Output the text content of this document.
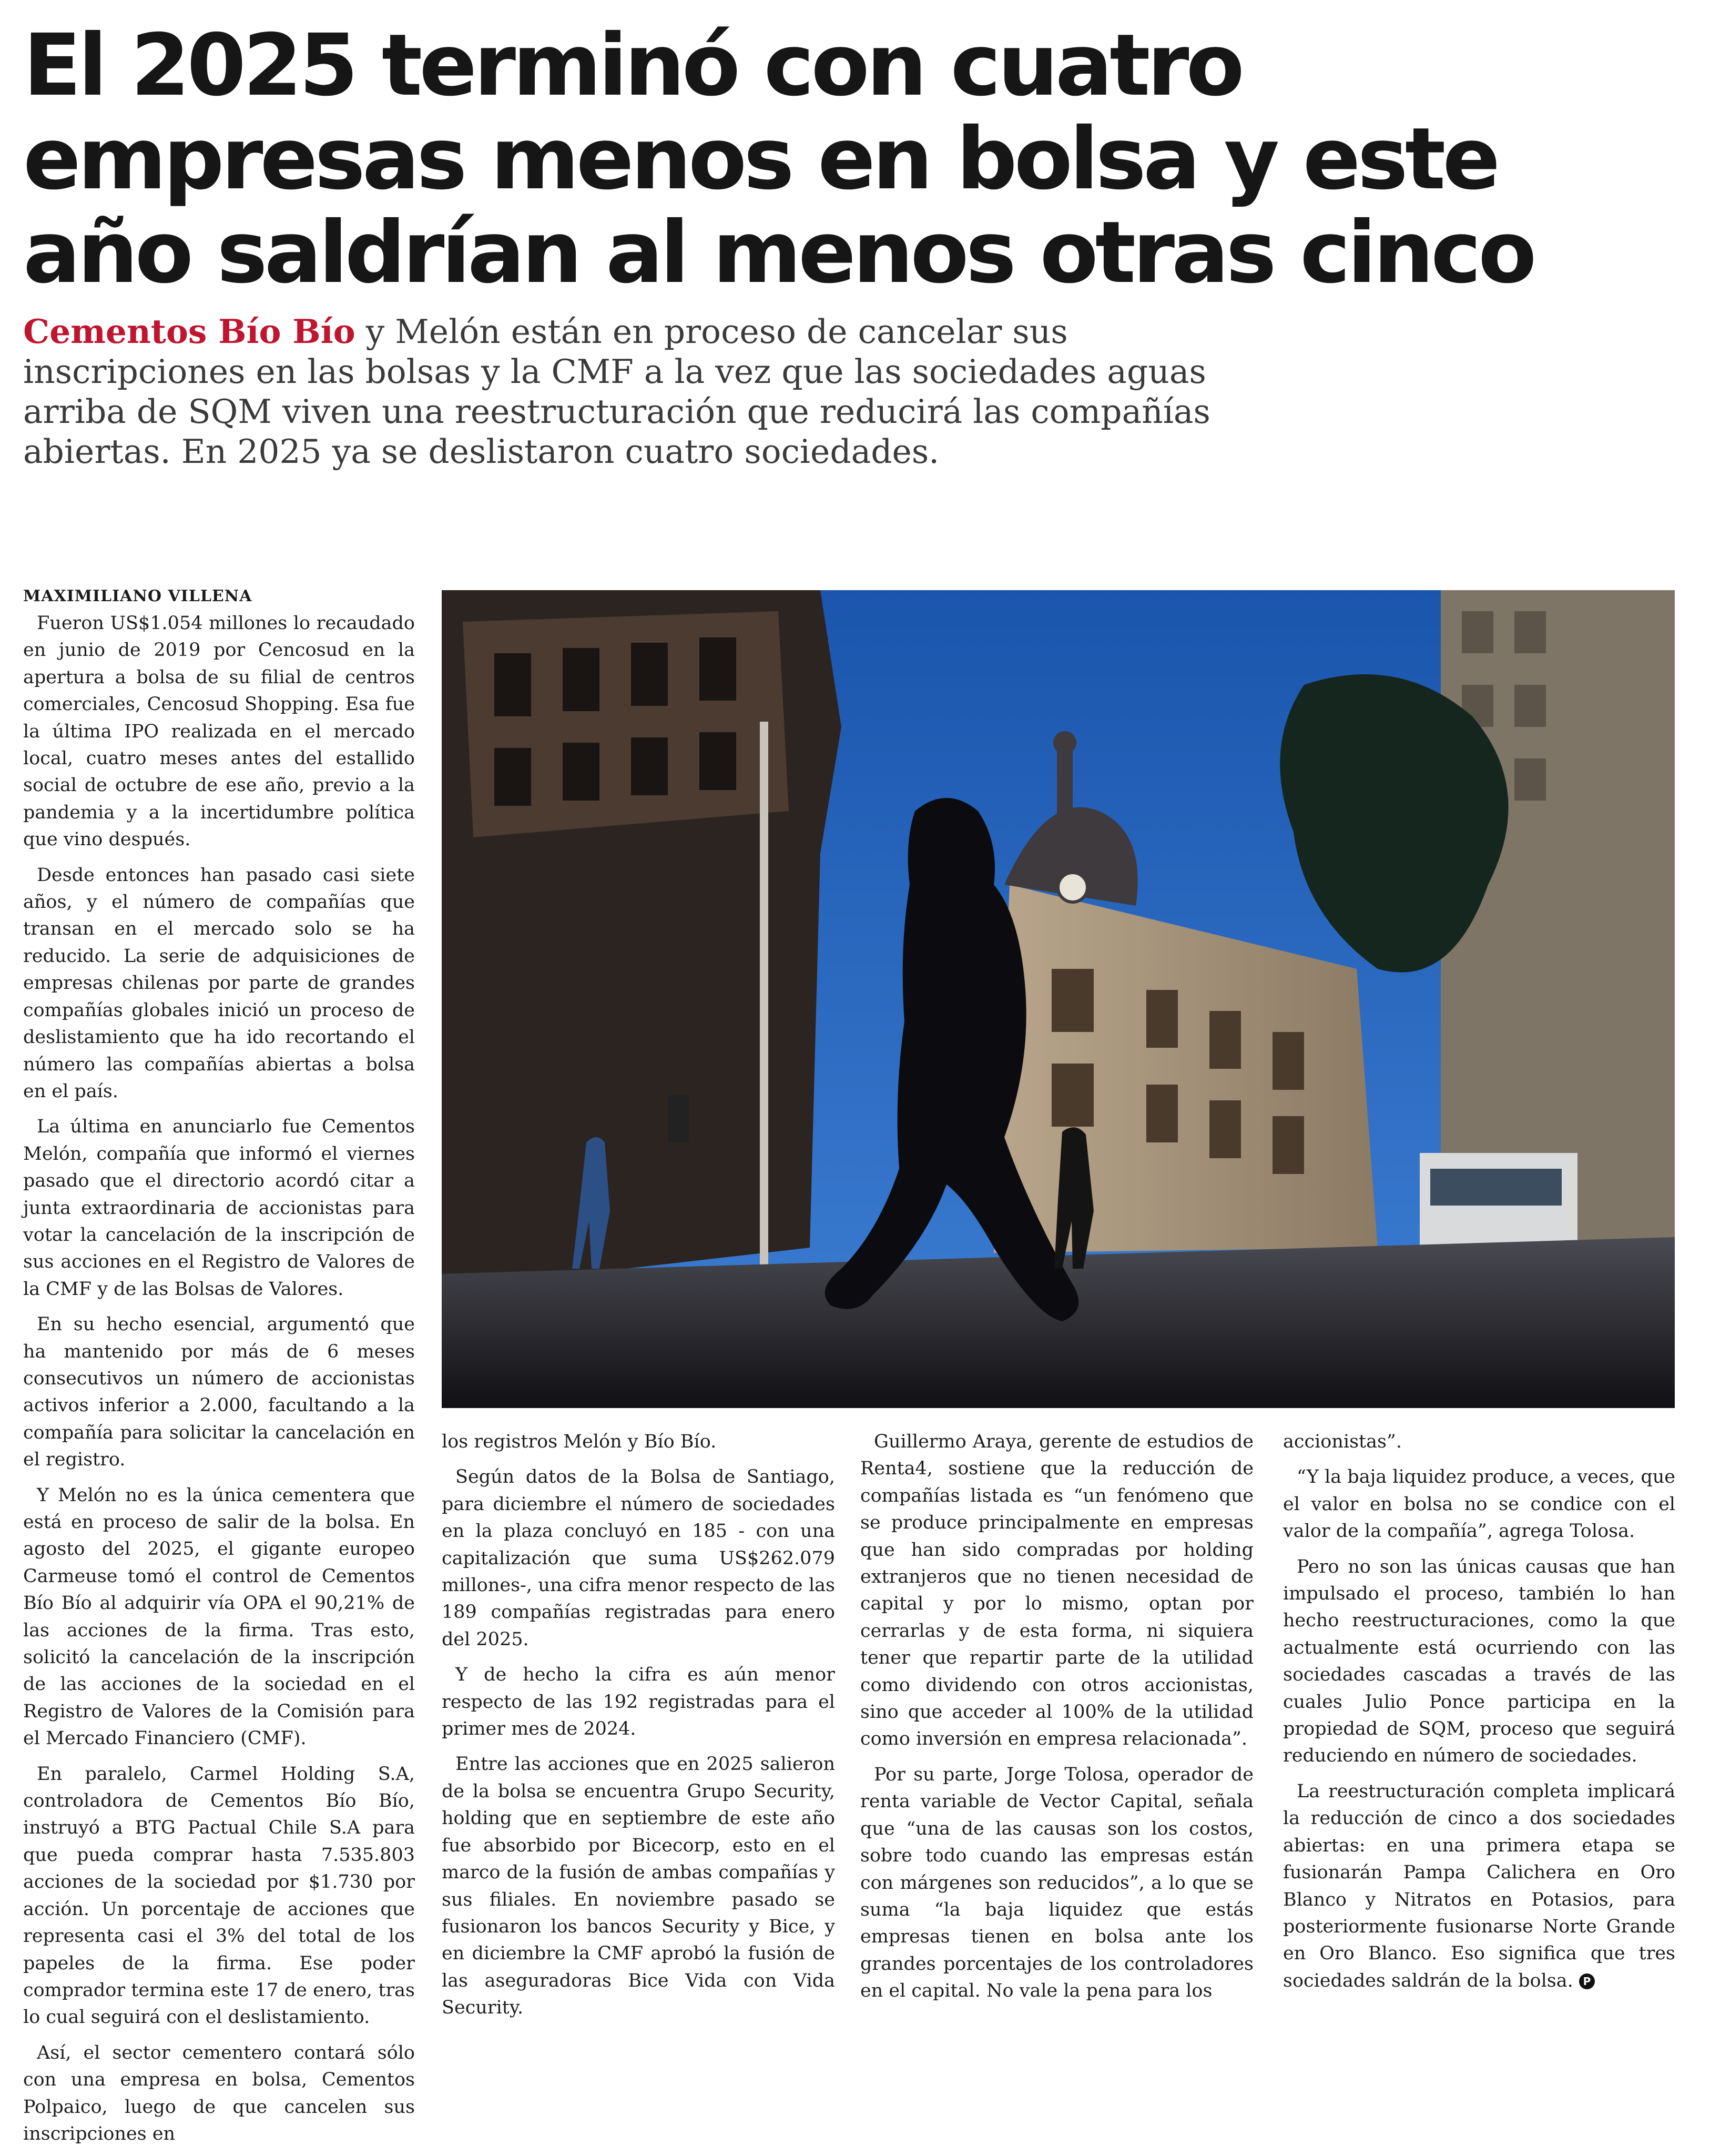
El 2025 terminó con cuatro
empresas menos en bolsa y este
año saldrían al menos otras cinco

Cementos Bío Bío y Melón están en proceso de cancelar sus inscripciones en las bolsas y la CMF a la vez que las sociedades aguas arriba de SQM viven una reestructuración que reducirá las compañías abiertas. En 2025 ya se deslistaron cuatro sociedades.

MAXIMILIANO VILLENA

Fueron US$1.054 millones lo recaudado en junio de 2019 por Cencosud en la apertura a bolsa de su filial de centros comerciales, Cencosud Shopping. Esa fue la última IPO realizada en el mercado local, cuatro meses antes del estallido social de octubre de ese año, previo a la pandemia y a la incertidumbre política que vino después.

Desde entonces han pasado casi siete años, y el número de compañías que transan en el mercado solo se ha reducido. La serie de adquisiciones de empresas chilenas por parte de grandes compañías globales inició un proceso de deslistamiento que ha ido recortando el número las compañías abiertas a bolsa en el país.

La última en anunciarlo fue Cementos Melón, compañía que informó el viernes pasado que el directorio acordó citar a junta extraordinaria de accionistas para votar la cancelación de la inscripción de sus acciones en el Registro de Valores de la CMF y de las Bolsas de Valores.

En su hecho esencial, argumentó que ha mantenido por más de 6 meses consecutivos un número de accionistas activos inferior a 2.000, facultando a la compañía para solicitar la cancelación en el registro.

Y Melón no es la única cementera que está en proceso de salir de la bolsa. En agosto del 2025, el gigante europeo Carmeuse tomó el control de Cementos Bío Bío al adquirir vía OPA el 90,21% de las acciones de la firma. Tras esto, solicitó la cancelación de la inscripción de las acciones de la sociedad en el Registro de Valores de la Comisión para el Mercado Financiero (CMF).

En paralelo, Carmel Holding S.A, controladora de Cementos Bío Bío, instruyó a BTG Pactual Chile S.A para que pueda comprar hasta 7.535.803 acciones de la sociedad por $1.730 por acción. Un porcentaje de acciones que representa casi el 3% del total de los papeles de la firma. Ese poder comprador termina este 17 de enero, tras lo cual seguirá con el deslistamiento.

Así, el sector cementero contará sólo con una empresa en bolsa, Cementos Polpaico, luego de que cancelen sus inscripciones en

los registros Melón y Bío Bío.

Según datos de la Bolsa de Santiago, para diciembre el número de sociedades en la plaza concluyó en 185 - con una capitalización que suma US$262.079 millones-, una cifra menor respecto de las 189 compañías registradas para enero del 2025.

Y de hecho la cifra es aún menor respecto de las 192 registradas para el primer mes de 2024.

Entre las acciones que en 2025 salieron de la bolsa se encuentra Grupo Security, holding que en septiembre de este año fue absorbido por Bicecorp, esto en el marco de la fusión de ambas compañías y sus filiales. En noviembre pasado se fusionaron los bancos Security y Bice, y en diciembre la CMF aprobó la fusión de las aseguradoras Bice Vida con Vida Security.

Guillermo Araya, gerente de estudios de Renta4, sostiene que la reducción de compañías listada es “un fenómeno que se produce principalmente en empresas que han sido compradas por holding extranjeros que no tienen necesidad de capital y por lo mismo, optan por cerrarlas y de esta forma, ni siquiera tener que repartir parte de la utilidad como dividendo con otros accionistas, sino que acceder al 100% de la utilidad como inversión en empresa relacionada”.

Por su parte, Jorge Tolosa, operador de renta variable de Vector Capital, señala que “una de las causas son los costos, sobre todo cuando las empresas están con márgenes son reducidos”, a lo que se suma “la baja liquidez que estás empresas tienen en bolsa ante los grandes porcentajes de los controladores en el capital. No vale la pena para los

accionistas”.

“Y la baja liquidez produce, a veces, que el valor en bolsa no se condice con el valor de la compañía”, agrega Tolosa.

Pero no son las únicas causas que han impulsado el proceso, también lo han hecho reestructuraciones, como la que actualmente está ocurriendo con las sociedades cascadas a través de las cuales Julio Ponce participa en la propiedad de SQM, proceso que seguirá reduciendo en número de sociedades.

La reestructuración completa implicará la reducción de cinco a dos sociedades abiertas: en una primera etapa se fusionarán Pampa Calichera en Oro Blanco y Nitratos en Potasios, para posteriormente fusionarse Norte Grande en Oro Blanco. Eso significa que tres sociedades saldrán de la bolsa. P
